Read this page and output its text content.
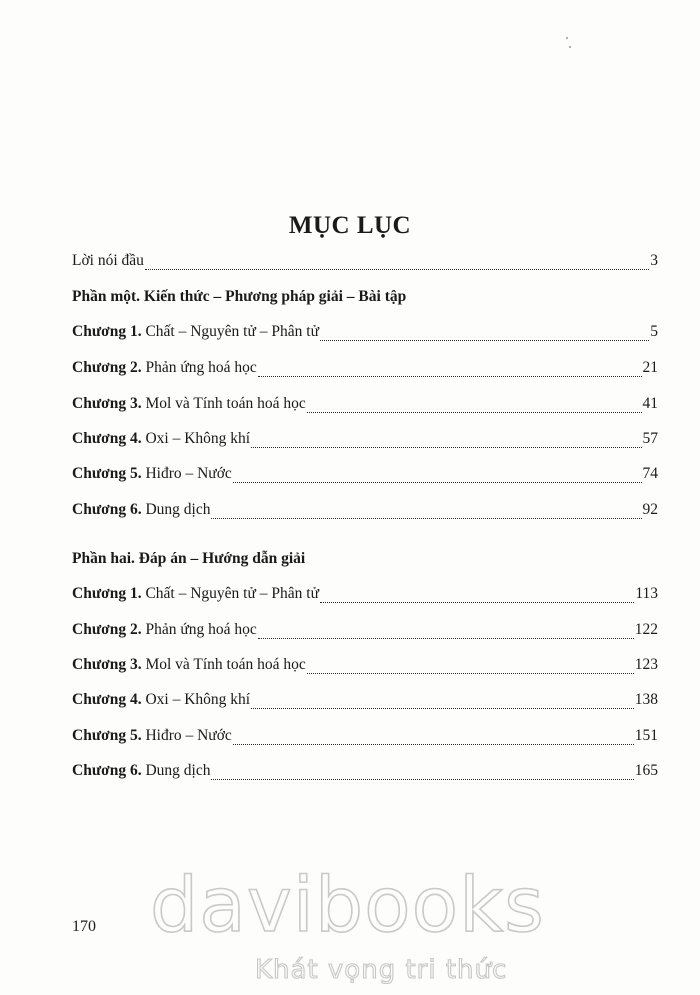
MỤC LỤC
Lời nói đầu	3
Phần một. Kiến thức – Phương pháp giải – Bài tập
Chương 1. Chất – Nguyên tử – Phân tử	5
Chương 2. Phản ứng hoá học	21
Chương 3. Mol và Tính toán hoá học	41
Chương 4. Oxi – Không khí	57
Chương 5. Hiđro – Nước	74
Chương 6. Dung dịch	92
Phần hai. Đáp án – Hướng dẫn giải
Chương 1. Chất – Nguyên tử – Phân tử	113
Chương 2. Phản ứng hoá học	122
Chương 3. Mol và Tính toán hoá học	123
Chương 4. Oxi – Không khí	138
Chương 5. Hiđro – Nước	151
Chương 6. Dung dịch	165
170 davibooks
Khát vọng tri thức
